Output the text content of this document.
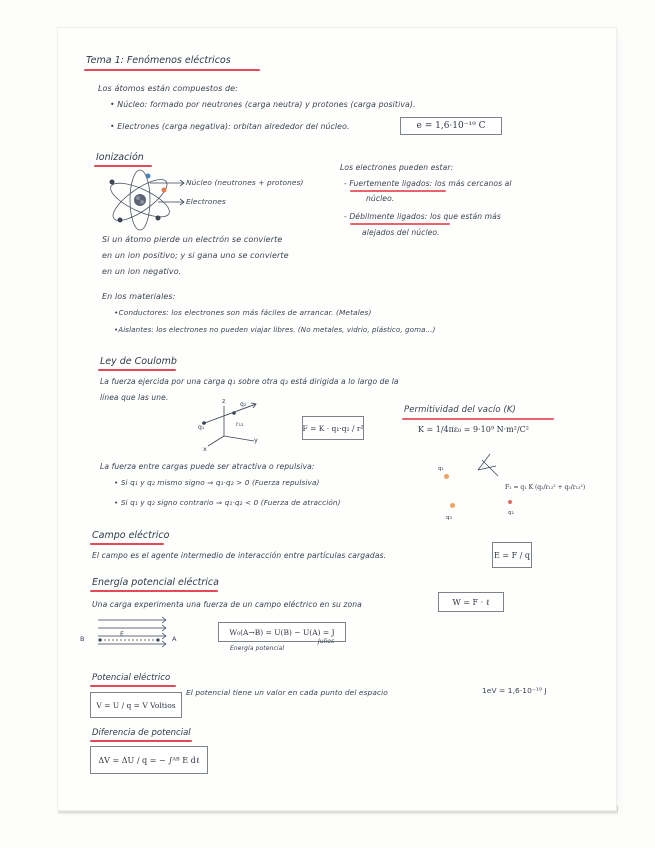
Tema 1: Fenómenos eléctricos
Los átomos están compuestos de:
• Núcleo: formado por neutrones (carga neutra) y protones (carga positiva).
• Electrones (carga negativa): orbitan alrededor del núcleo.	e = 1,6·10⁻¹⁹ C
Ionización
Núcleo (neutrones + protones)
Electrones
Los electrones pueden estar:
- Fuertemente ligados: los más cercanos al
núcleo.
- Débilmente ligados: los que están más
alejados del núcleo.
Si un átomo pierde un electrón se convierte
en un ion positivo; y si gana uno se convierte
en un ion negativo.
En los materiales:
•Conductores: los electrones son más fáciles de arrancar. (Metales)
•Aislantes: los electrones no pueden viajar libres. (No metales, vidrio, plástico, goma...)
Ley de Coulomb
La fuerza ejercida por una carga q₁ sobre otra q₂ está dirigida a lo largo de la
línea que las une.	z
y
x
q₁
q₂
r₁₂	F = K · q₁·q₂ / r²
Permitividad del vacío (K)
K = 1/4πε₀ = 9·10⁹ N·m²/C²
La fuerza entre cargas puede ser atractiva o repulsiva:
• Si q₁ y q₂ mismo signo ⇒ q₁·q₂ > 0 (Fuerza repulsiva)
• Si q₁ y q₂ signo contrario ⇒ q₁·q₂ < 0 (Fuerza de atracción)
q₁
q₃
q₂
F₁ = q₁ K (q₂/r₁₂² + q₃/r₁₃²)
Campo eléctrico
El campo es el agente intermedio de interacción entre partículas cargadas.	E = F / q
Energía potencial eléctrica
Una carga experimenta una fuerza de un campo eléctrico en su zona	W = F · ℓ
B	A
E	W₀(A→B) = U(B) − U(A) = J
Julios
Energía potencial
Potencial eléctrico
V = U / q = V Voltios
El potencial tiene un valor en cada punto del espacio	1eV = 1,6·10⁻¹⁹ J
Diferencia de potencial
ΔV = ΔU / q = − ∫ᴬᴮ E dℓ
